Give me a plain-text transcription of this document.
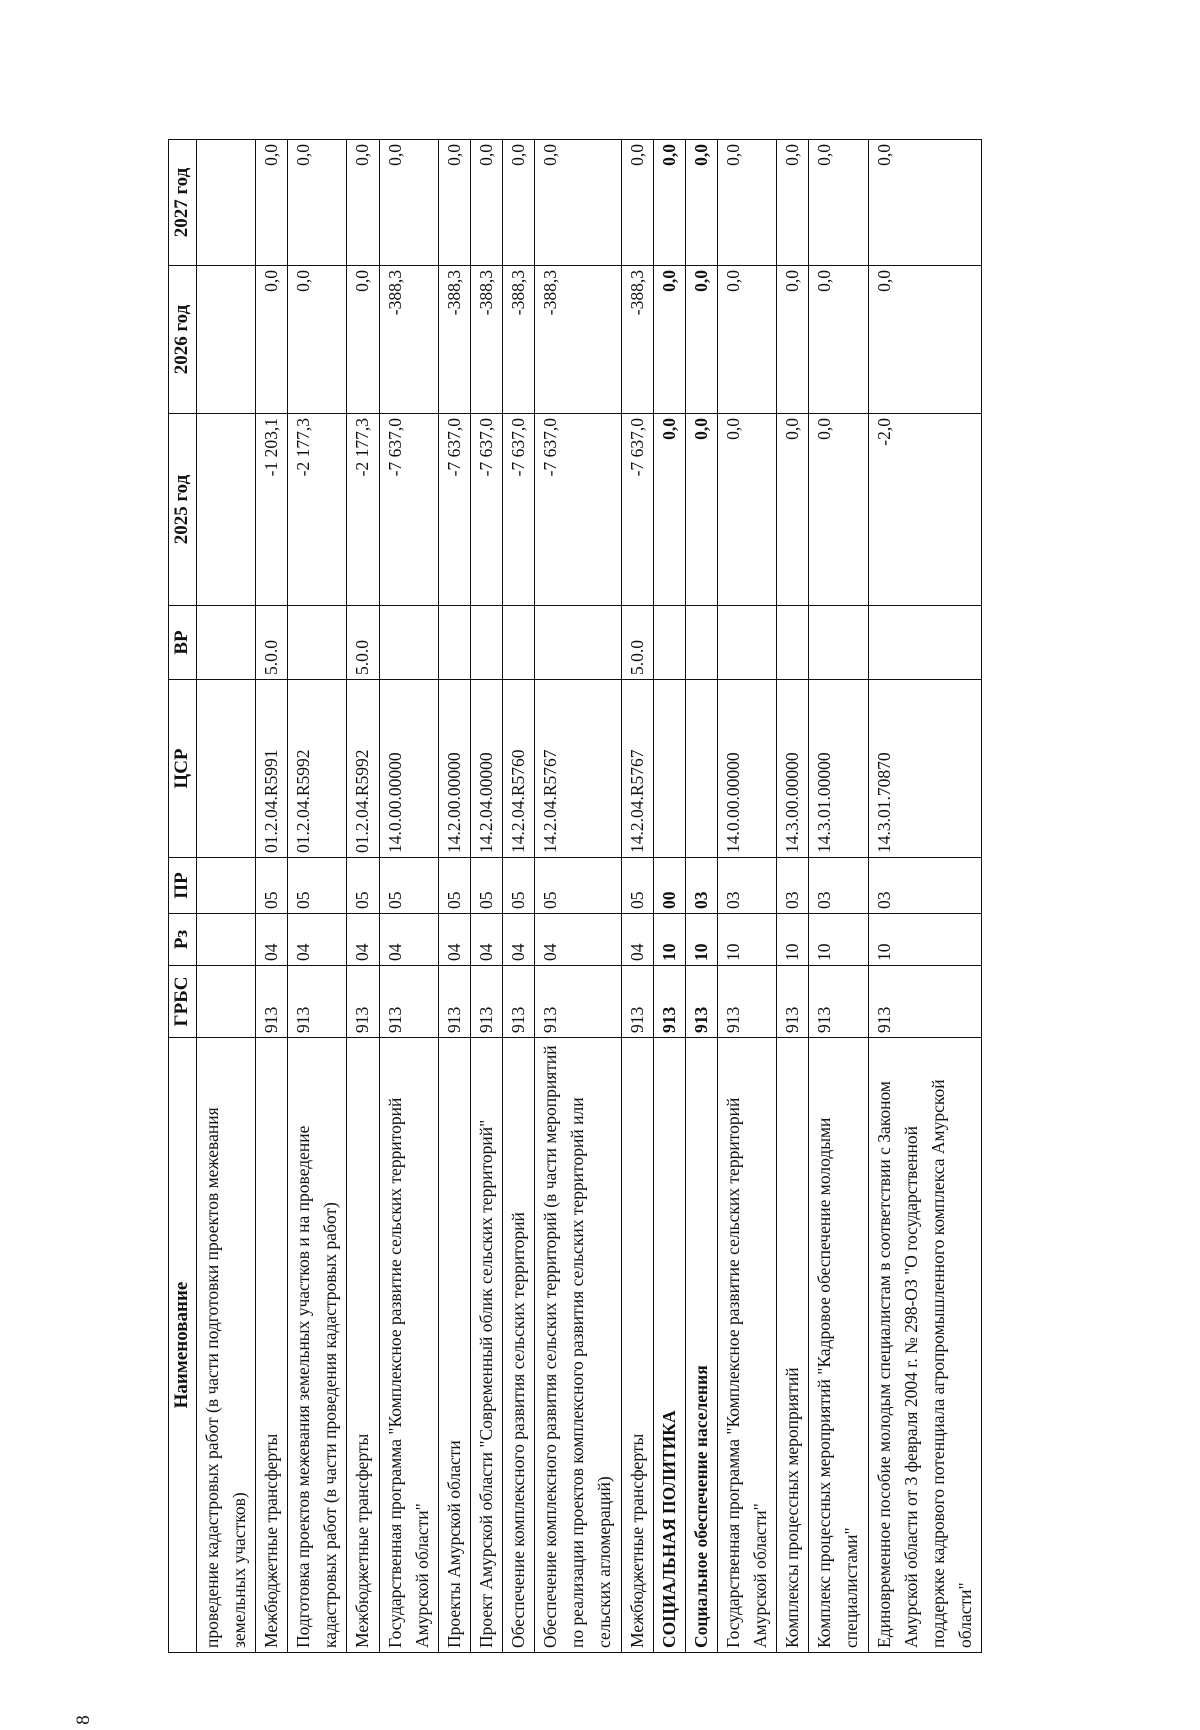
8
Наименование	ГРБС	Рз	ПР	ЦСР	ВР	2025 год	2026 год	2027 год
проведение кадастровых работ (в части подготовки проектов межевания земельных участков)								
Межбюджетные трансферты	913	04	05	01.2.04.R5991	5.0.0	-1 203,1	0,0	0,0
Подготовка проектов межевания земельных участков и на проведение кадастровых работ (в части проведения кадастровых работ)	913	04	05	01.2.04.R5992		-2 177,3	0,0	0,0
Межбюджетные трансферты	913	04	05	01.2.04.R5992	5.0.0	-2 177,3	0,0	0,0
Государственная программа "Комплексное развитие сельских территорий Амурской области"	913	04	05	14.0.00.00000		-7 637,0	-388,3	0,0
Проекты Амурской области	913	04	05	14.2.00.00000		-7 637,0	-388,3	0,0
Проект Амурской области "Современный облик сельских территорий"	913	04	05	14.2.04.00000		-7 637,0	-388,3	0,0
Обеспечение комплексного развития сельских территорий	913	04	05	14.2.04.R5760		-7 637,0	-388,3	0,0
Обеспечение комплексного развития сельских территорий (в части мероприятий по реализации проектов комплексного развития сельских территорий или сельских агломераций)	913	04	05	14.2.04.R5767		-7 637,0	-388,3	0,0
Межбюджетные трансферты	913	04	05	14.2.04.R5767	5.0.0	-7 637,0	-388,3	0,0
СОЦИАЛЬНАЯ ПОЛИТИКА	913	10	00			0,0	0,0	0,0
Социальное обеспечение населения	913	10	03			0,0	0,0	0,0
Государственная программа "Комплексное развитие сельских территорий Амурской области"	913	10	03	14.0.00.00000		0,0	0,0	0,0
Комплексы процессных мероприятий	913	10	03	14.3.00.00000		0,0	0,0	0,0
Комплекс процессных мероприятий "Кадровое обеспечение молодыми специалистами"	913	10	03	14.3.01.00000		0,0	0,0	0,0
Единовременное пособие молодым специалистам в соответствии с Законом Амурской области от 3 февраля 2004 г. № 298-ОЗ "О государственной поддержке кадрового потенциала агропромышленного комплекса Амурской области"	913	10	03	14.3.01.70870		-2,0	0,0	0,0
